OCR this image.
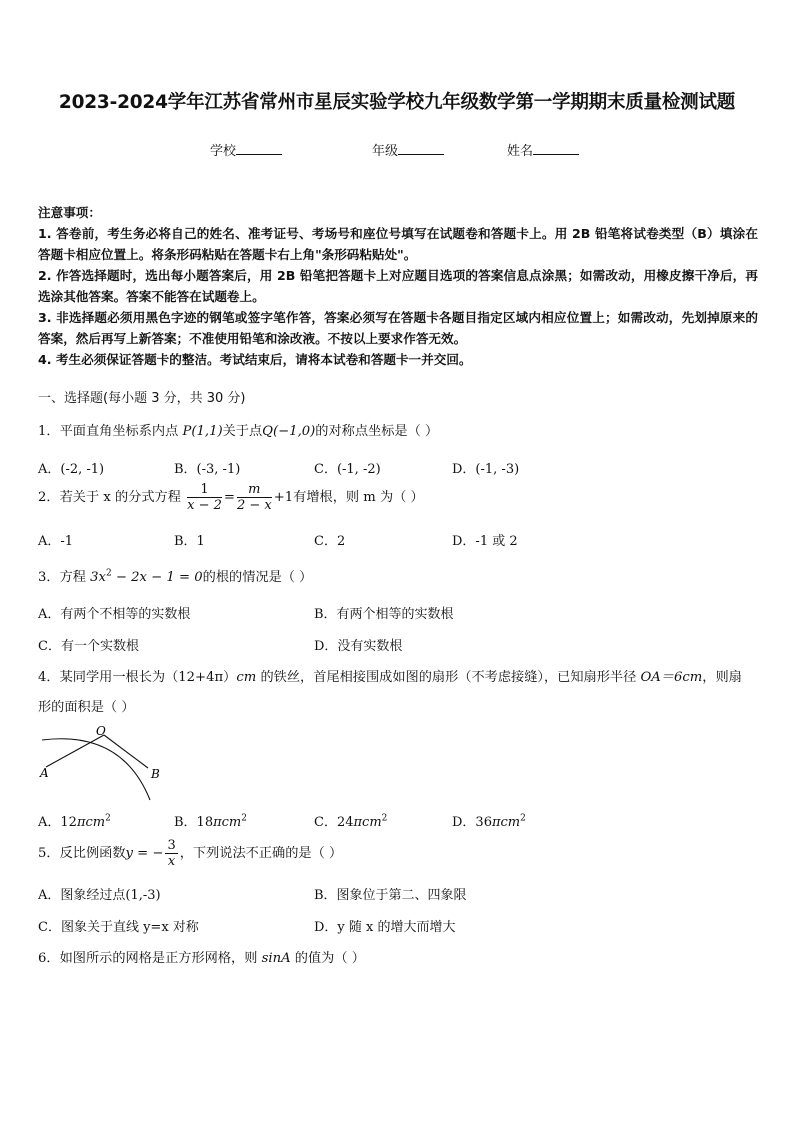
2023-2024学年江苏省常州市星辰实验学校九年级数学第一学期期末质量检测试题
学校	年级	姓名

注意事项：

1. 答卷前，考生务必将自己的姓名、准考证号、考场号和座位号填写在试题卷和答题卡上。用 2B 铅笔将试卷类型（B）填涂在答题卡相应位置上。将条形码粘贴在答题卡右上角"条形码粘贴处"。

2. 作答选择题时，选出每小题答案后，用 2B 铅笔把答题卡上对应题目选项的答案信息点涂黑；如需改动，用橡皮擦干净后，再选涂其他答案。答案不能答在试题卷上。

3. 非选择题必须用黑色字迹的钢笔或签字笔作答，答案必须写在答题卡各题目指定区域内相应位置上；如需改动，先划掉原来的答案，然后再写上新答案；不准使用铅笔和涂改液。不按以上要求作答无效。

4. 考生必须保证答题卡的整洁。考试结束后，请将本试卷和答题卡一并交回。

一、选择题(每小题 3 分，共 30 分)
1．平面直角坐标系内点 P(1,1)关于点Q(−1,0)的对称点坐标是（ ）
A．(-2, -1)	B．(-3, -1)	C．(-1, -2)	D．(-1, -3)
2．若关于 x 的分式方程 $\frac{1}{x - 2} = \frac{m}{2 - x} +1$有增根，则 m 为（ ）
A．-1	B．1	C．2	D．-1 或 2
3．方程 $3x^2 - 2x - 1 = 0$的根的情况是（ ）
A．有两个不相等的实数根	B．有两个相等的实数根
C．有一个实数根	D．没有实数根
4．某同学用一根长为（12+4π）cm 的铁丝，首尾相接围成如图的扇形（不考虑接缝），已知扇形半径 OA＝6cm，则扇
形的面积是（ ）
O
A	B
A．12πcm$^2$	B．18πcm$^2$	C．24πcm$^2$	D．36πcm$^2$
5．反比例函数y = − $\frac{3}{x}$ ，下列说法不正确的是（ ）
A．图象经过点(1,-3)	B．图象位于第二、四象限
C．图象关于直线 y=x 对称	D．y 随 x 的增大而增大
6．如图所示的网格是正方形网格，则 sinA 的值为（ ）
